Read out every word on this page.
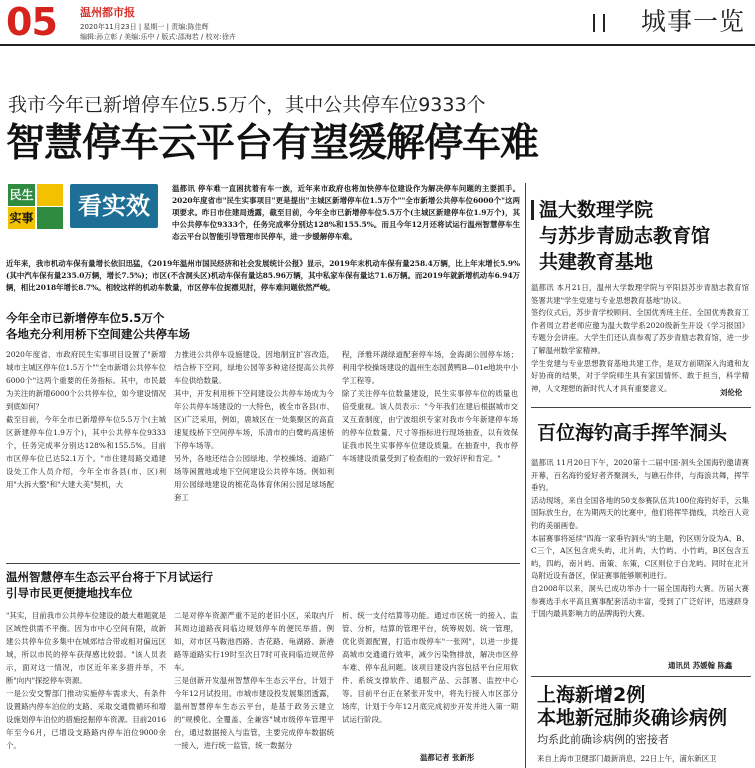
05 温州都市报
2020年11月23日 | 星期一 | 责编:陈佳辉
编辑:孙立彰 / 美编:乐中 / 版式:邵海若 / 校对:徐卉
城事一览
我市今年已新增停车位5.5万个，其中公共停车位9333个
智慧停车云平台有望缓解停车难
民生
实事	看实效
温都讯 停车难一直困扰着有车一族，近年来市政府也将加快停车位建设作为解决停车问题的主要抓手。2020年度省市"民生实事项目"更是提出"主城区新增停车位1.5万个""全市新增公共停车位6000个"这两项要求。昨日市住建局透露，截至目前，今年全市已新增停车位5.5万个(主城区新建停车位1.9万个)，其中公共停车位9333个，任务完成率分别达128%和155.5%。而且今年12月还将试运行温州智慧停车生态云平台以智能引导管理市民停车，进一步缓解停车难。
近年来，我市机动车保有量增长依旧迅猛，《2019年温州市国民经济和社会发展统计公报》显示，2019年末机动车保有量258.4万辆，比上年末增长5.9%(其中汽车保有量235.0万辆，增长7.5%)；市区(不含洞头区)机动车保有量达85.96万辆，其中私家车保有量达71.6万辆。而2019年就新增机动车6.94万辆，相比2018年增长8.7%。相较这样的机动车数量，市区停车位捉襟见肘，停车难问题依然严峻。
今年全市已新增停车位5.5万个
各地充分利用桥下空间建公共停车场
2020年度省、市政府民生实事项目设置了"新增城市主城区停车位1.5万个""全市新增公共停车位6000个"这两个重要的任务指标。其中，市民最为关注的新增6000个公共停车位，如今建设情况到底如何？
截至目前，今年全市已新增停车位5.5万个(主城区新建停车位1.9万个)，其中公共停车位9333个，任务完成率分别达128%和155.5%。目前市区停车位已达52.1万个。"市住建局路交通建设处工作人员介绍，今年全市各县(市、区)利用"大拆大整"和"大建大美"契机，大
力推进公共停车设施建设，因地制宜扩容改造，结合桥下空间，绿地公园等多种途径提高公共停车位供给数量。
其中，开发利用桥下空间建设公共停车场成为今年公共停车场建设的一大特色，被全市各县(市、区)广泛采用，例如，鹿城区在一处集聚区的高直速复线桥下空间停车场，乐清市的白鹭屿高速桥下停车场等。
另外，各地还结合公园绿地、学校操场、道路广场等闲置地或地下空间建设公共停车场。例如利用公园绿地建设的梳花岛体育休闲公园足球场配套工
程，泽雅环湖绿道配套停车场，金海湖公园停车场；利用学校操场建设的温州生态园黄鸭B—01e地块中小学工程等。
除了关注停车位数量建设，民生实事停车位的质量也倍受重视。该人员表示："今年我们在建后根据城市交叉互查制度，由宁波组织专家对我市今年新建停车场的停车位数量、尺寸等指标进行现场抽查，以有效保证我市民生实事停车位建设质量。在抽查中，我市停车场建设质量受到了检查组的一致好评和肯定。"
温州智慧停车生态云平台将于下月试运行
引导市民更便捷地找车位
"其实，目前我市公共停车位建设的最大难题就是区域性供需不平衡。因为市中心空间有限，故新建公共停车位多集中在城郊结合带或相对偏远区域，所以市民的停车获得感比较弱。"该人员表示，面对这一情况，市区近年来多措并举，不断"向内"探挖停车资源。
一是公安交警部门推动实施停车需求大、有条件设置路内停车泊位的支路、采取交通微循环和增设施划停车泊位的措施挖掘停车资源。目前2016年至今6月，已增设支路路内停车泊位9000余个。
二是对停车资源严重不足的老旧小区，采取内斤其周边道路夜间临边规划停车的便民举措。例如，对市区马鞍池西路、杏花路、龟湖路、新港路等道路实行19时至次日7时可夜间临边规范停车。
三是创新开发温州智慧停车生态云平台，计划于今年12月试投用。市城市建设投发展集团透露，温州智慧停车生态云平台，是基于政务云建立的"规模化、全覆盖、全兼容"城市级停车管理平台，通过数据接入与监管，主要完成停车数据统一接入，进行统一监管，统一数据分
析、统一支付结算等功能。通过市区统一的接入、监管、分析，结算的管理平台，统筹规划、统一管理，优化资源配置，打造市级停车"一张网"，以进一步提高城市交通通行效率，减少污染物排放，解决市区停车难、停车乱问题。该项目建设内容包括平台应用软件、系统支撑软件、通服产品、云部署、监控中心等。目前平台正在紧张开发中，将先行接入市区部分场库，计划于今年12月底完成初步开发并进入第一期试运行阶段。
温都记者 张新彤
温大数理学院
与苏步青励志教育馆
共建教育基地
温都讯 本月21日，温州大学数理学院与平阳县苏步青励志教育馆签署共建"学生党建与专业思想教育基地"协议。
签约仪式后，苏步青学校顾问、全国优秀班主任、全国优秀教育工作者周立君老师应邀为温大数学系2020级新生开设《学习报国》专题分会讲座。大学生们还认真参观了苏步青励志教育馆，进一步了解温州数学家精神。
学生党建与专业思想教育基地共建工作，是双方前期深入沟通和友好协商的结果，对于学院师生具有家国情怀、敢于担当，科学精神，人文理想的新时代人才具有重要意义。	刘伦伦
百位海钓高手挥竿洞头
温都讯 11月20日下午，2020第十二届中国·洞头全国海钓邀请赛开幕，百名海钓爱好者齐聚洞头，与礁石作伴，与海浪共舞，挥竿垂钓。
活动现场，来自全国各地的50支参赛队伍共100位海钓好手，云集国际放生台，在为期两天的比赛中，他们将挥竿抛线，共绘百人竞钓的美丽画卷。
本届赛事将延续"四海一家垂钓洞头"的主题，钓区则分设为A、B、C三个，A区包含虎头屿，北爿屿，大竹屿、小竹屿，B区包含五屿，四屿，南爿屿、南策、东策，C区则位于白龙屿。同时在北爿岛附近设有备区，保证赛事能够顺利进行。
自2008年以来，洞头已成功举办十一届全国海钓大赛。历届大赛参赛选手水平高且赛事配套活动丰富，受到了广泛好评，迅速跻身于国内最具影响力的品牌海钓大赛。
通讯员 苏媛翰 陈鑫
上海新增2例
本地新冠肺炎确诊病例
均系此前确诊病例的密接者
来自上海市卫健部门最新消息，22日上午，浦东新区卫
